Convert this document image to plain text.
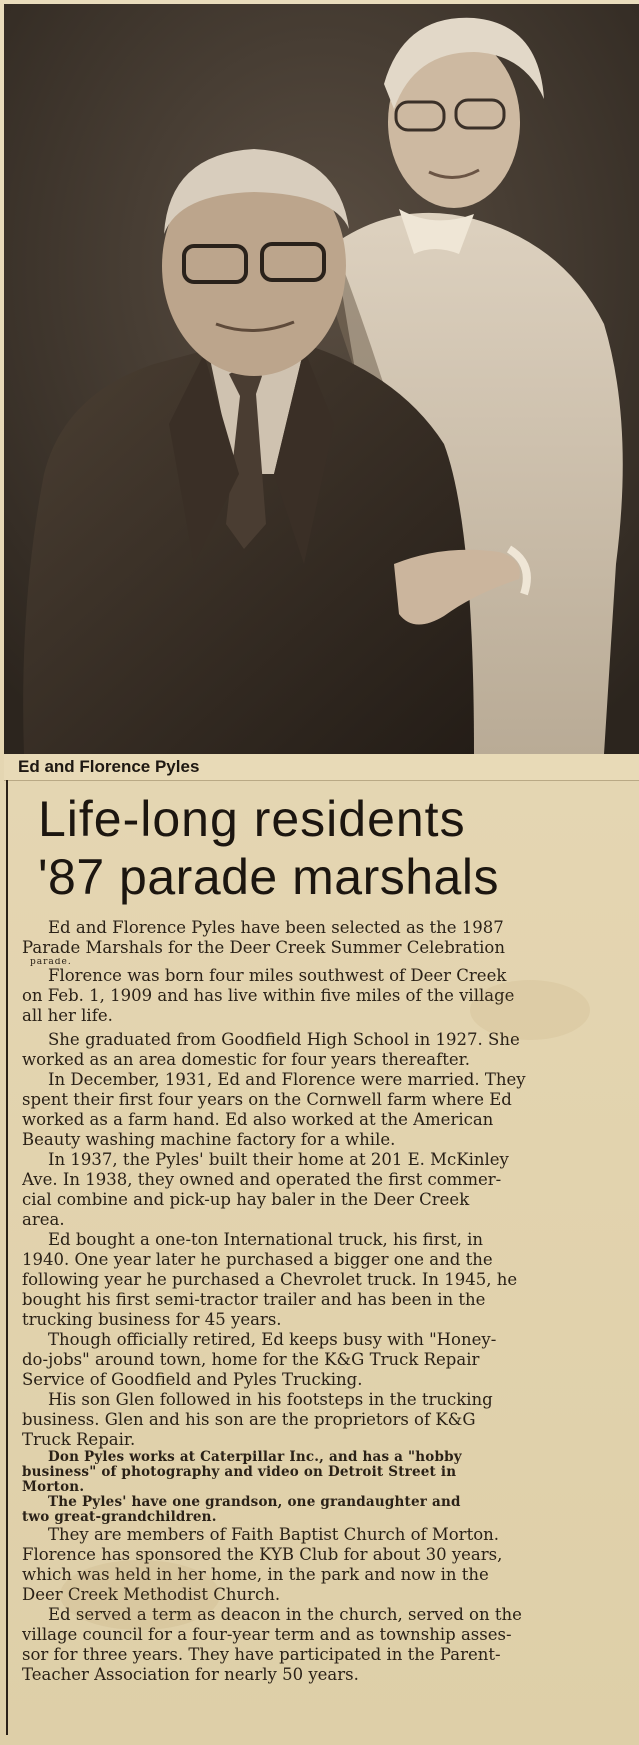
Ed and Florence Pyles
Life-long residents
'87 parade marshals
Ed and Florence Pyles have been selected as the 1987
Parade Marshals for the Deer Creek Summer Celebration
parade.
Florence was born four miles southwest of Deer Creek
on Feb. 1, 1909 and has live within five miles of the village
all her life.
She graduated from Goodfield High School in 1927. She
worked as an area domestic for four years thereafter.
In December, 1931, Ed and Florence were married. They
spent their first four years on the Cornwell farm where Ed
worked as a farm hand. Ed also worked at the American
Beauty washing machine factory for a while.
In 1937, the Pyles' built their home at 201 E. McKinley
Ave. In 1938, they owned and operated the first commer-
cial combine and pick-up hay baler in the Deer Creek
area.
Ed bought a one-ton International truck, his first, in
1940. One year later he purchased a bigger one and the
following year he purchased a Chevrolet truck. In 1945, he
bought his first semi-tractor trailer and has been in the
trucking business for 45 years.
Though officially retired, Ed keeps busy with "Honey-
do-jobs" around town, home for the K&G Truck Repair
Service of Goodfield and Pyles Trucking.
His son Glen followed in his footsteps in the trucking
business. Glen and his son are the proprietors of K&G
Truck Repair.
Don Pyles works at Caterpillar Inc., and has a "hobby
business" of photography and video on Detroit Street in
Morton.
The Pyles' have one grandson, one grandaughter and
two great-grandchildren.
They are members of Faith Baptist Church of Morton.
Florence has sponsored the KYB Club for about 30 years,
which was held in her home, in the park and now in the
Deer Creek Methodist Church.
Ed served a term as deacon in the church, served on the
village council for a four-year term and as township asses-
sor for three years. They have participated in the Parent-
Teacher Association for nearly 50 years.
